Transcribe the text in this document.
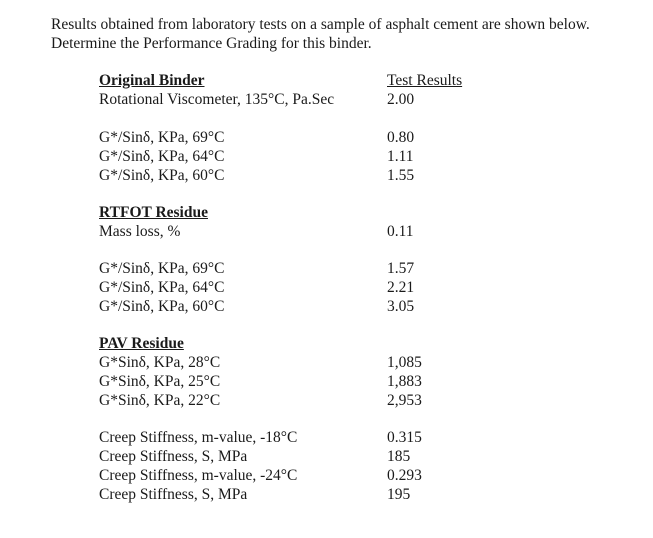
Results obtained from laboratory tests on a sample of asphalt cement are shown below.
Determine the Performance Grading for this binder.
Original Binder	Test Results
Rotational Viscometer, 135°C, Pa.Sec	2.00
G*/Sinδ, KPa, 69°C	0.80
G*/Sinδ, KPa, 64°C	1.11
G*/Sinδ, KPa, 60°C	1.55
RTFOT Residue
Mass loss, %	0.11
G*/Sinδ, KPa, 69°C	1.57
G*/Sinδ, KPa, 64°C	2.21
G*/Sinδ, KPa, 60°C	3.05
PAV Residue
G*Sinδ, KPa, 28°C	1,085
G*Sinδ, KPa, 25°C	1,883
G*Sinδ, KPa, 22°C	2,953
Creep Stiffness, m-value, -18°C	0.315
Creep Stiffness, S, MPa	185
Creep Stiffness, m-value, -24°C	0.293
Creep Stiffness, S, MPa	195
